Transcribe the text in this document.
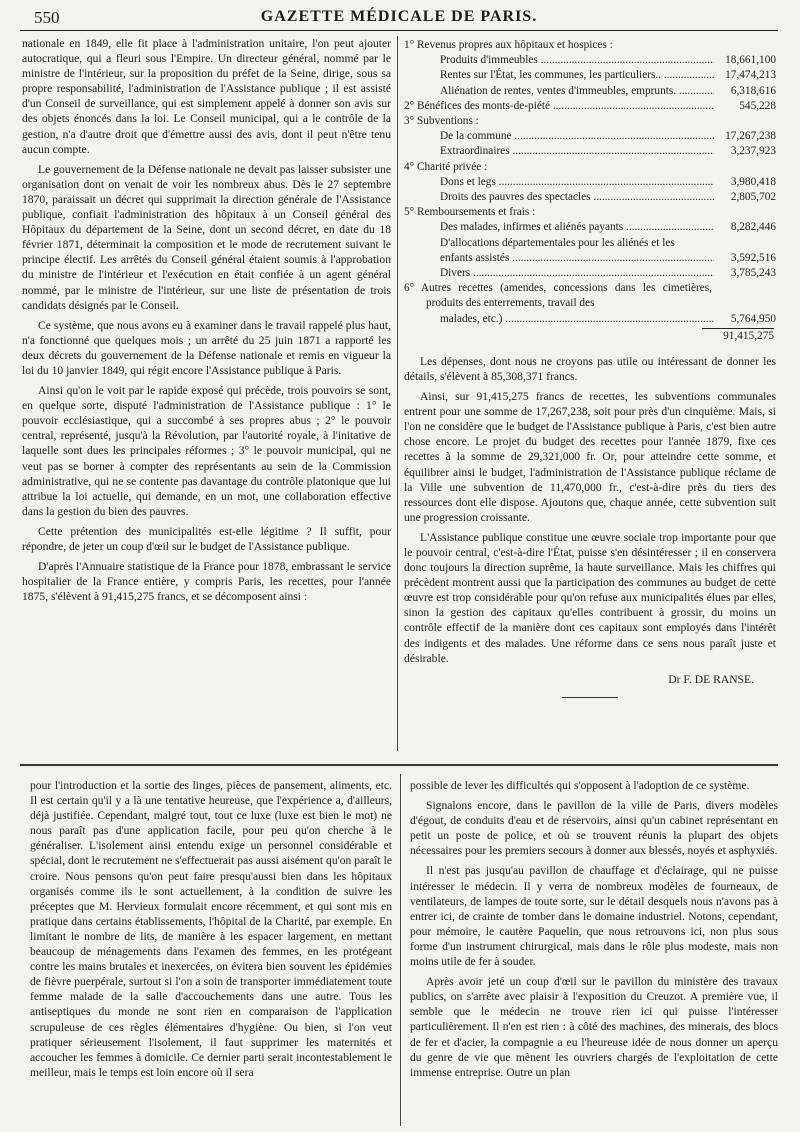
550	GAZETTE MÉDICALE DE PARIS.

nationale en 1849, elle fit place à l'administration unitaire, l'on peut ajouter autocratique, qui a fleuri sous l'Empire. Un directeur général, nommé par le ministre de l'intérieur, sur la proposition du préfet de la Seine, dirige, sous sa propre responsabilité, l'administration de l'Assistance publique ; il est assisté d'un Conseil de surveillance, qui est simplement appelé à donner son avis sur des objets énoncés dans la loi. Le Conseil municipal, qui a le contrôle de la gestion, n'a d'autre droit que d'émettre aussi des avis, dont il peut n'être tenu aucun compte.

Le gouvernement de la Défense nationale ne devait pas laisser subsister une organisation dont on venait de voir les nombreux abus. Dès le 27 septembre 1870, paraissait un décret qui supprimait la direction générale de l'Assistance publique, confiait l'administration des hôpitaux à un Conseil général des Hôpitaux du département de la Seine, dont un second décret, en date du 18 février 1871, déterminait la composition et le mode de recrutement suivant le principe électif. Les arrêtés du Conseil général étaient soumis à l'approbation du ministre de l'intérieur et l'exécution en était confiée à un agent général nommé, par le ministre de l'intérieur, sur une liste de présentation de trois candidats désignés par le Conseil.

Ce système, que nous avons eu à examiner dans le travail rappelé plus haut, n'a fonctionné que quelques mois ; un arrêté du 25 juin 1871 a rapporté les deux décrets du gouvernement de la Défense nationale et remis en vigueur la loi du 10 janvier 1849, qui régit encore l'Assistance publique à Paris.

Ainsi qu'on le voit par le rapide exposé qui précède, trois pouvoirs se sont, en quelque sorte, disputé l'administration de l'Assistance publique : 1° le pouvoir ecclésiastique, qui a succombé à ses propres abus ; 2° le pouvoir central, représenté, jusqu'à la Révolution, par l'autorité royale, à l'initative de laquelle sont dues les principales réformes ; 3° le pouvoir municipal, qui ne veut pas se borner à compter des représentants au sein de la Commission administrative, qui ne se contente pas davantage du contrôle platonique que lui attribue la loi actuelle, qui demande, en un mot, une collaboration effective dans la gestion du bien des pauvres.

Cette prétention des municipalités est-elle légitime ? Il suffit, pour répondre, de jeter un coup d'œil sur le budget de l'Assistance publique.

D'après l'Annuaire statistique de la France pour 1878, embrassant le service hospitalier de la France entière, y compris Paris, les recettes, pour l'année 1875, s'élèvent à 91,415,275 francs, et se décomposent ainsi :

1° Revenus propres aux hôpitaux et hospices :
Produits d'immeubles .....	18,661,100
Rentes sur l'État, les communes, les particuliers.. .....	17,474,213
Aliénation de rentes, ventes d'immeubles, emprunts. .....	6,318,616
2° Bénéfices des monts-de-piété .....	545,228
3° Subventions :
De la commune .....	17,267,238
Extraordinaires .....	3,237,923
4° Charité privée :
Dons et legs .....	3,980,418
Droits des pauvres des spectacles .....	2,805,702
5° Remboursements et frais :
Des malades, infirmes et aliénés payants .....	8,282,446
D'allocations départementales pour les aliénés et les
enfants assistés .....	3,592,516
Divers .....	3,785,243
6° Autres recettes (amendes, concessions dans les cimetières, produits des enterrements, travail des
malades, etc.) .....	5,764,950
91,415,275

Les dépenses, dont nous ne croyons pas utile ou intéressant de donner les détails, s'élèvent à 85,308,371 francs.

Ainsi, sur 91,415,275 francs de recettes, les subventions communales entrent pour une somme de 17,267,238, soit pour près d'un cinquième. Mais, si l'on ne considère que le budget de l'Assistance publique à Paris, c'est bien autre chose encore. Le projet du budget des recettes pour l'année 1879, fixe ces recettes à la somme de 29,321,000 fr. Or, pour atteindre cette somme, et équilibrer ainsi le budget, l'administration de l'Assistance publique réclame de la Ville une subvention de 11,470,000 fr., c'est-à-dire près du tiers des ressources dont elle dispose. Ajoutons que, chaque année, cette subvention suit une progression croissante.

L'Assistance publique constitue une œuvre sociale trop importante pour que le pouvoir central, c'est-à-dire l'État, puisse s'en désintéresser ; il en conservera donc toujours la direction suprême, la haute surveillance. Mais les chiffres qui précèdent montrent aussi que la participation des communes au budget de cette œuvre est trop considérable pour qu'on refuse aux municipalités élues par elles, sinon la gestion des capitaux qu'elles contribuent à grossir, du moins un contrôle effectif de la manière dont ces capitaux sont employés dans l'intérêt des indigents et des malades. Une réforme dans ce sens nous paraît juste et désirable.

Dr F. DE RANSE.

pour l'introduction et la sortie des linges, pièces de pansement, aliments, etc. Il est certain qu'il y a là une tentative heureuse, que l'expérience a, d'ailleurs, déjà justifiée. Cependant, malgré tout, tout ce luxe (luxe est bien le mot) ne nous paraît pas d'une application facile, pour peu qu'on cherche à le généraliser. L'isolement ainsi entendu exige un personnel considérable et spécial, dont le recrutement ne s'effectuerait pas aussi aisément qu'on paraît le croire. Nous pensons qu'on peut faire presqu'aussi bien dans les hôpitaux organisés comme ils le sont actuellement, à la condition de suivre les préceptes que M. Hervieux formulait encore récemment, et qui sont mis en pratique dans certains établissements, l'hôpital de la Charité, par exemple. En limitant le nombre de lits, de manière à les espacer largement, en mettant beaucoup de ménagements dans l'examen des femmes, en les protégeant contre les mains brutales et inexercées, on évitera bien souvent les épidémies de fièvre puerpérale, surtout si l'on a soin de transporter immédiatement toute femme malade de la salle d'accouchements dans une autre. Tous les antiseptiques du monde ne sont rien en comparaison de l'application scrupuleuse de ces règles élémentaires d'hygiène. Ou bien, si l'on veut pratiquer sérieusement l'isolement, il faut supprimer les maternités et accoucher les femmes à domicile. Ce dernier parti serait incontestablement le meilleur, mais le temps est loin encore où il sera

possible de lever les difficultés qui s'opposent à l'adoption de ce système.

Signalons encore, dans le pavillon de la ville de Paris, divers modèles d'égout, de conduits d'eau et de réservoirs, ainsi qu'un cabinet représentant en petit un poste de police, et où se trouvent réunis la plupart des objets nécessaires pour les premiers secours à donner aux blessés, noyés et asphyxiés.

Il n'est pas jusqu'au pavillon de chauffage et d'éclairage, qui ne puisse intéresser le médecin. Il y verra de nombreux modèles de fourneaux, de ventilateurs, de lampes de toute sorte, sur le détail desquels nous n'avons pas à entrer ici, de crainte de tomber dans le domaine industriel. Notons, cependant, pour mémoire, le cautère Paquelin, que nous retrouvons ici, non plus sous forme d'un instrument chirurgical, mais dans le rôle plus modeste, mais non moins utile de fer à souder.

Après avoir jeté un coup d'œil sur le pavillon du ministère des travaux publics, on s'arrête avec plaisir à l'exposition du Creuzot. A première vue, il semble que le médecin ne trouve rien ici qui puisse l'intéresser particulièrement. Il n'en est rien : à côté des machines, des minerais, des blocs de fer et d'acier, la compagnie a eu l'heureuse idée de nous donner un aperçu du genre de vie que mènent les ouvriers chargés de l'exploitation de cette immense entreprise. Outre un plan
